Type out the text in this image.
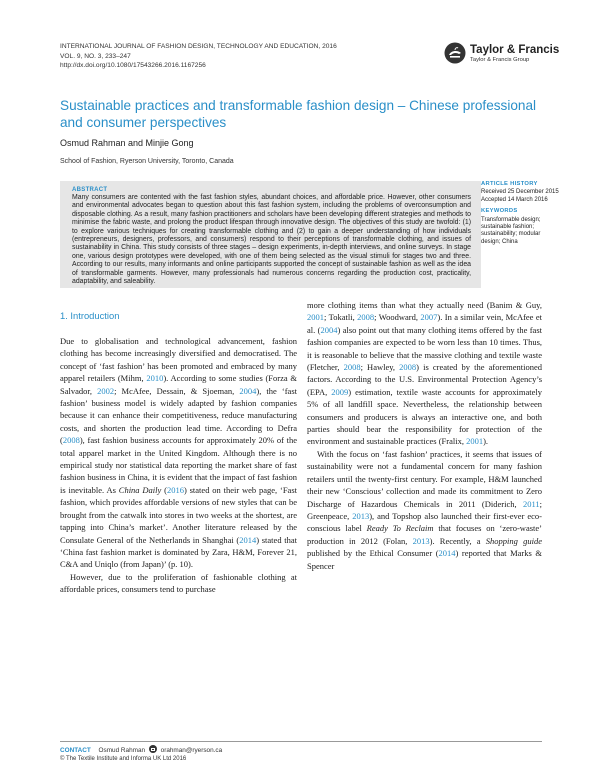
INTERNATIONAL JOURNAL OF FASHION DESIGN, TECHNOLOGY AND EDUCATION, 2016
VOL. 9, NO. 3, 233–247
http://dx.doi.org/10.1080/17543266.2016.1167256
Taylor & Francis
Taylor & Francis Group
Sustainable practices and transformable fashion design – Chinese professional and consumer perspectives
Osmud Rahman and Minjie Gong
School of Fashion, Ryerson University, Toronto, Canada
ABSTRACT
Many consumers are contented with the fast fashion styles, abundant choices, and affordable price. However, other consumers and environmental advocates began to question about this fast fashion system, including the problems of overconsumption and disposable clothing. As a result, many fashion practitioners and scholars have been developing different strategies and methods to minimise the fabric waste, and prolong the product lifespan through innovative design. The objectives of this study are twofold: (1) to explore various techniques for creating transformable clothing and (2) to gain a deeper understanding of how individuals (entrepreneurs, designers, professors, and consumers) respond to their perceptions of transformable clothing, and issues of sustainability in China. This study consists of three stages – design experiments, in-depth interviews, and online surveys. In stage one, various design prototypes were developed, with one of them being selected as the visual stimuli for stages two and three. According to our results, many informants and online participants supported the concept of sustainable fashion as well as the idea of transformable garments. However, many professionals had numerous concerns regarding the production cost, practicality, adaptability, and saleability.
ARTICLE HISTORY
Received 25 December 2015
Accepted 14 March 2016
KEYWORDS
Transformable design;
sustainable fashion;
sustainability; modular
design; China
1. Introduction

Due to globalisation and technological advancement, fashion clothing has become increasingly diversified and democratised. The concept of ‘fast fashion’ has been promoted and embraced by many apparel retailers (Mihm, 2010). According to some studies (Forza & Salvador, 2002; McAfee, Dessain, & Sjoeman, 2004), the ‘fast fashion’ business model is widely adapted by fashion companies because it can enhance their competitiveness, reduce manufacturing costs, and shorten the production lead time. According to Defra (2008), fast fashion business accounts for approximately 20% of the total apparel market in the United Kingdom. Although there is no empirical study nor statistical data reporting the market share of fast fashion business in China, it is evident that the impact of fast fashion is inevitable. As China Daily (2016) stated on their web page, ‘Fast fashion, which provides affordable versions of new styles that can be brought from the catwalk into stores in two weeks at the shortest, are tapping into China’s market’. Another literature released by the Consulate General of the Netherlands in Shanghai (2014) stated that ‘China fast fashion market is dominated by Zara, H&M, Forever 21, C&A and Uniqlo (from Japan)’ (p. 10).

However, due to the proliferation of fashionable clothing at affordable prices, consumers tend to purchase

more clothing items than what they actually need (Banim & Guy, 2001; Tokatli, 2008; Woodward, 2007). In a similar vein, McAfee et al. (2004) also point out that many clothing items offered by the fast fashion companies are expected to be worn less than 10 times. Thus, it is reasonable to believe that the massive clothing and textile waste (Fletcher, 2008; Hawley, 2008) is created by the aforementioned factors. According to the U.S. Environmental Protection Agency’s (EPA, 2009) estimation, textile waste accounts for approximately 5% of all landfill space. Nevertheless, the relationship between consumers and producers is always an interactive one, and both parties should bear the responsibility for protection of the environment and sustainable practices (Fralix, 2001).

With the focus on ‘fast fashion’ practices, it seems that issues of sustainability were not a fundamental concern for many fashion retailers until the twenty-first century. For example, H&M launched their new ‘Conscious’ collection and made its commitment to Zero Discharge of Hazardous Chemicals in 2011 (Diderich, 2011; Greenpeace, 2013), and Topshop also launched their first-ever eco-conscious label Ready To Reclaim that focuses on ‘zero-waste’ production in 2012 (Folan, 2013). Recently, a Shopping guide published by the Ethical Consumer (2014) reported that Marks & Spencer

CONTACT Osmud Rahman orahman@ryerson.ca
© The Textile Institute and Informa UK Ltd 2016
